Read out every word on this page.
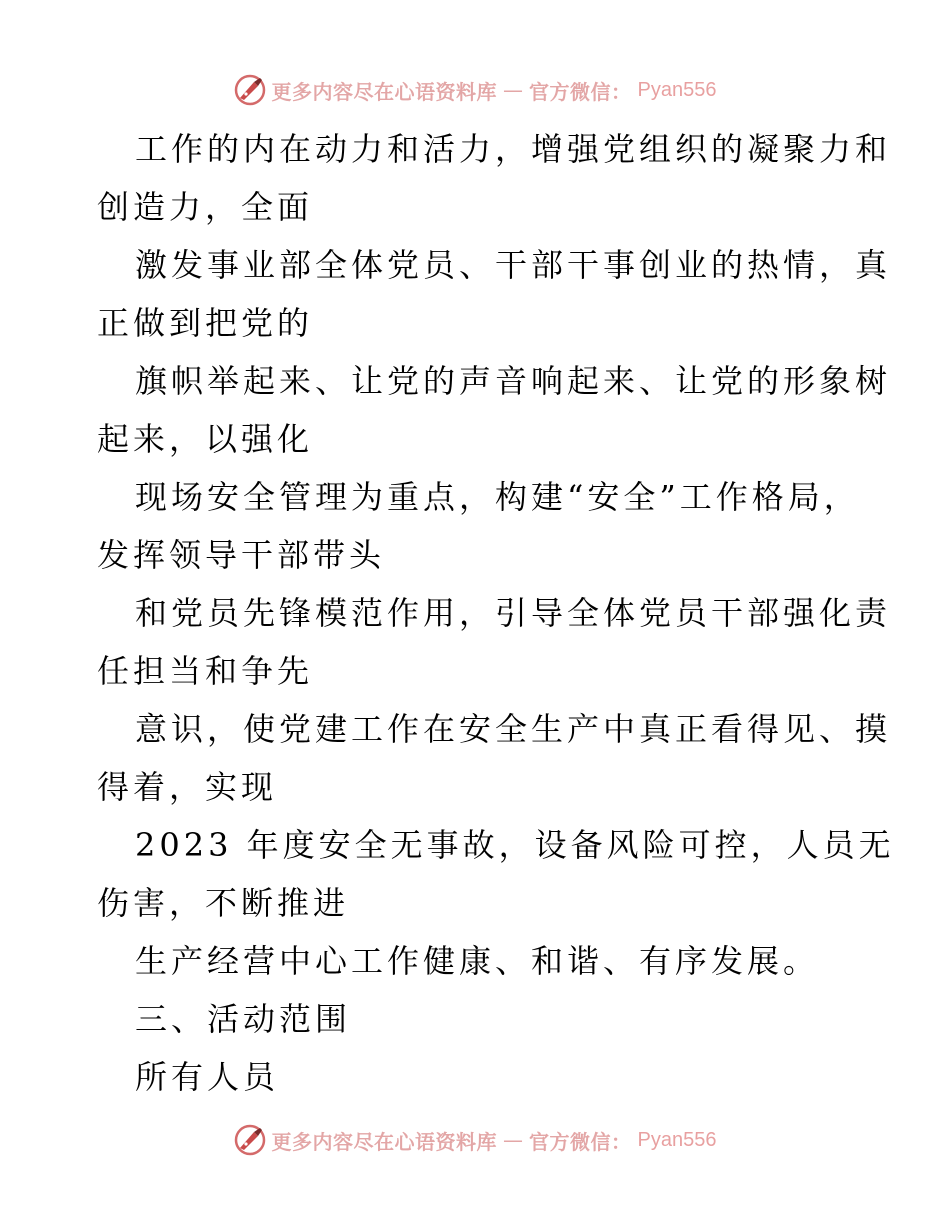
更多内容尽在心语资料库 — 官方微信： Pyan556
工作的内在动力和活力，增强党组织的凝聚力和
创造力，全面
激发事业部全体党员、干部干事创业的热情，真
正做到把党的
旗帜举起来、让党的声音响起来、让党的形象树
起来，以强化
现场安全管理为重点，构建“安全”工作格局，
发挥领导干部带头
和党员先锋模范作用，引导全体党员干部强化责
任担当和争先
意识，使党建工作在安全生产中真正看得见、摸
得着，实现
2023 年度安全无事故，设备风险可控，人员无
伤害，不断推进
生产经营中心工作健康、和谐、有序发展。
三、活动范围
所有人员
更多内容尽在心语资料库 — 官方微信： Pyan556
